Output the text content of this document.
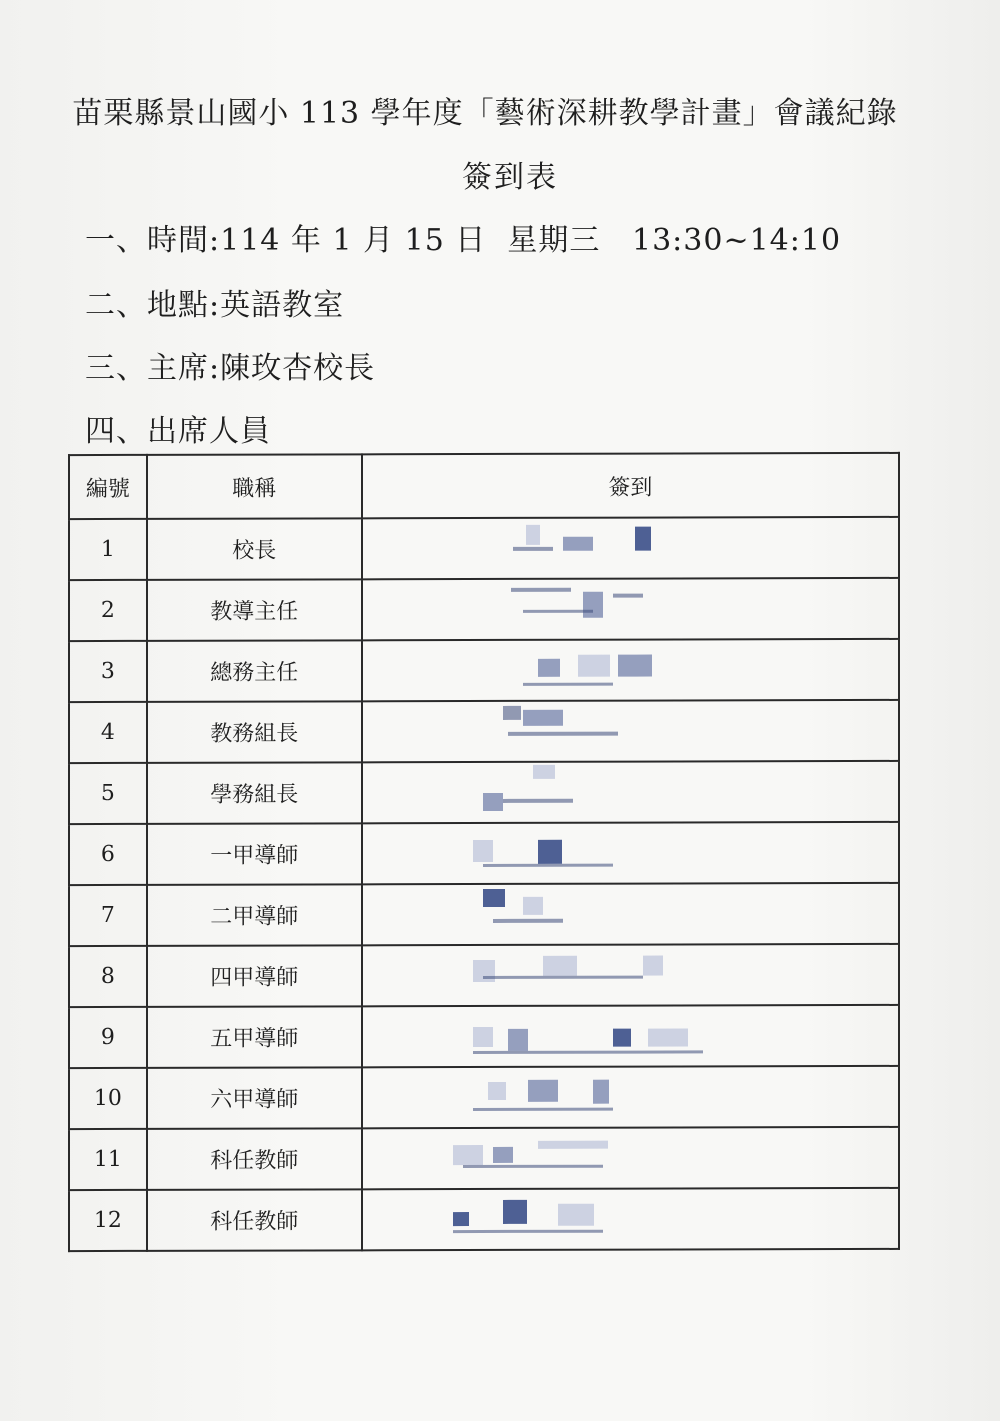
苗栗縣景山國小 113 學年度「藝術深耕教學計畫」會議紀錄
簽到表
一、時間:114 年 1 月 15 日  星期三   13:30~14:10
二、地點:英語教室
三、主席:陳玫杏校長
四、出席人員
編號	職稱	簽到
1	校長	

2	教導主任	

3	總務主任	

4	教務組長	

5	學務組長	

6	一甲導師	

7	二甲導師	

8	四甲導師	

9	五甲導師	

10	六甲導師	

11	科任教師	

12	科任教師	
